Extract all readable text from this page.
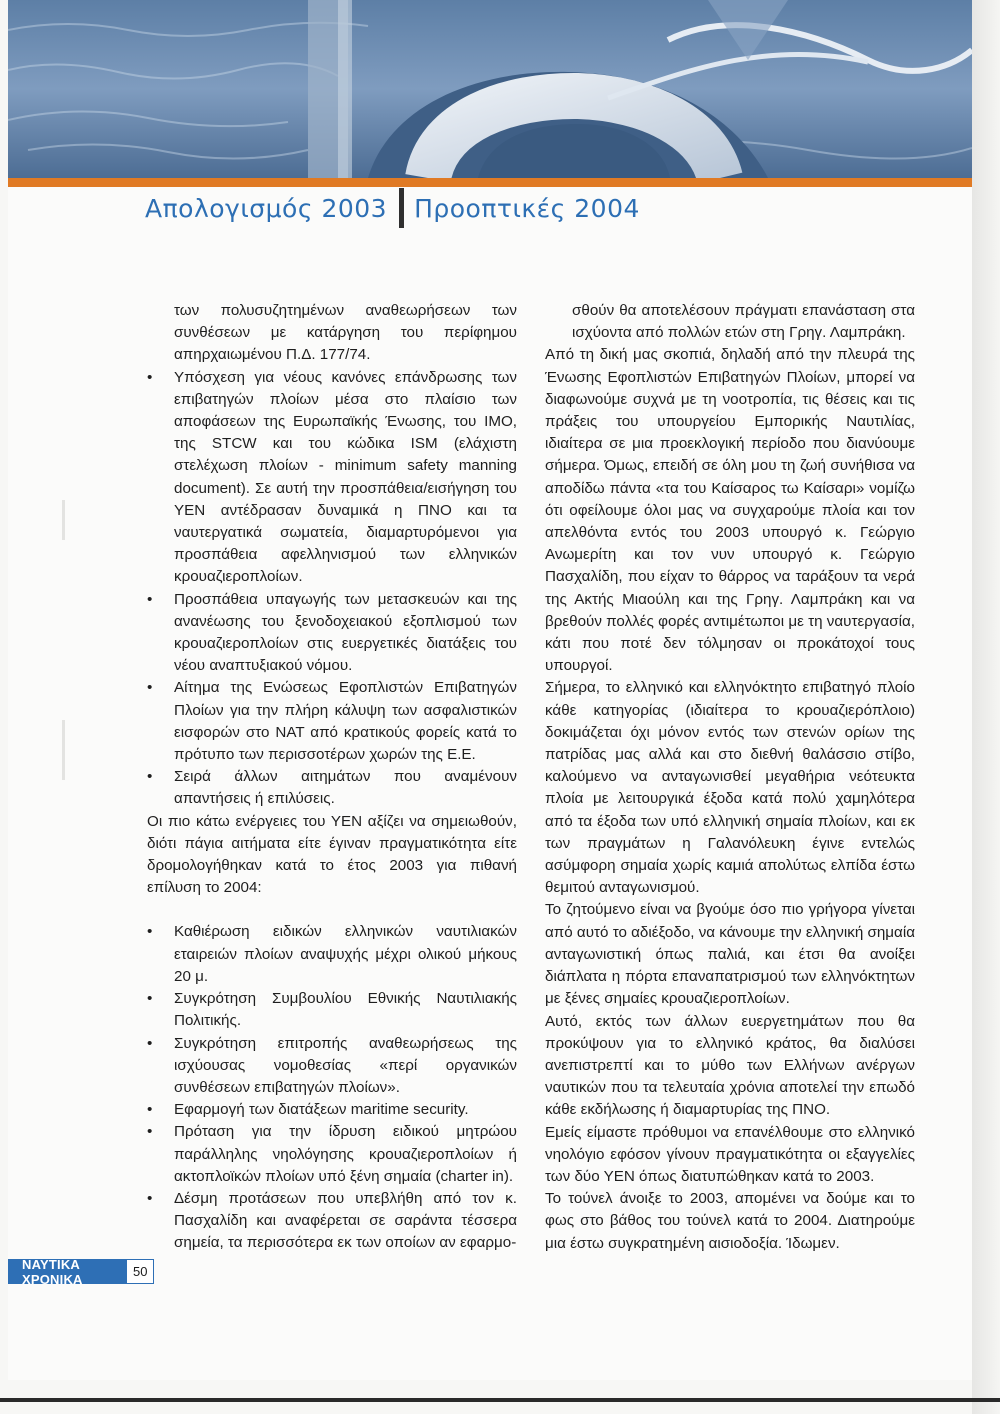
Απολογισμός 2003 Προοπτικές 2004

των πολυσυζητημένων αναθεωρήσεων των συνθέσεων με κατάργηση του περίφημου απηρχαιωμένου Π.Δ. 177/74.

• Υπόσχεση για νέους κανόνες επάνδρωσης των επιβατηγών πλοίων μέσα στο πλαίσιο των αποφάσεων της Ευρωπαϊκής Ένωσης, του ΙΜΟ, της STCW και του κώδικα ISM (ελάχιστη στελέχωση πλοίων - minimum safety manning document). Σε αυτή την προσπάθεια/εισήγηση του ΥΕΝ αντέδρασαν δυναμικά η ΠΝΟ και τα ναυτεργατικά σωματεία, διαμαρτυρόμενοι για προσπάθεια αφελληνισμού των ελληνικών κρουαζιεροπλοίων.
• Προσπάθεια υπαγωγής των μετασκευών και της ανανέωσης του ξενοδοχειακού εξοπλισμού των κρουαζιεροπλοίων στις ευεργετικές διατάξεις του νέου αναπτυξιακού νόμου.
• Αίτημα της Ενώσεως Εφοπλιστών Επιβατηγών Πλοίων για την πλήρη κάλυψη των ασφαλιστικών εισφορών στο ΝΑΤ από κρατικούς φορείς κατά το πρότυπο των περισσοτέρων χωρών της Ε.Ε.
• Σειρά άλλων αιτημάτων που αναμένουν απαντήσεις ή επιλύσεις.

Οι πιο κάτω ενέργειες του ΥΕΝ αξίζει να σημειωθούν, διότι πάγια αιτήματα είτε έγιναν πραγματικότητα είτε δρομολογήθηκαν κατά το έτος 2003 για πιθανή επίλυση το 2004:

• Καθιέρωση ειδικών ελληνικών ναυτιλιακών εταιρειών πλοίων αναψυχής μέχρι ολικού μήκους 20 μ.
• Συγκρότηση Συμβουλίου Εθνικής Ναυτιλιακής Πολιτικής.
• Συγκρότηση επιτροπής αναθεωρήσεως της ισχύουσας νομοθεσίας «περί οργανικών συνθέσεων επιβατηγών πλοίων».
• Εφαρμογή των διατάξεων maritime security.
• Πρόταση για την ίδρυση ειδικού μητρώου παράλληλης νηολόγησης κρουαζιεροπλοίων ή ακτοπλοϊκών πλοίων υπό ξένη σημαία (charter in).
• Δέσμη προτάσεων που υπεβλήθη από τον κ. Πασχαλίδη και αναφέρεται σε σαράντα τέσσερα σημεία, τα περισσότερα εκ των οποίων αν εφαρμο-

σθούν θα αποτελέσουν πράγματι επανάσταση στα ισχύοντα από πολλών ετών στη Γρηγ. Λαμπράκη.

Από τη δική μας σκοπιά, δηλαδή από την πλευρά της Ένωσης Εφοπλιστών Επιβατηγών Πλοίων, μπορεί να διαφωνούμε συχνά με τη νοοτροπία, τις θέσεις και τις πράξεις του υπουργείου Εμπορικής Ναυτιλίας, ιδιαίτερα σε μια προεκλογική περίοδο που διανύουμε σήμερα. Όμως, επειδή σε όλη μου τη ζωή συνήθισα να αποδίδω πάντα «τα του Καίσαρος τω Καίσαρι» νομίζω ότι οφείλουμε όλοι μας να συγχαρούμε πλοία και τον απελθόντα εντός του 2003 υπουργό κ. Γεώργιο Ανωμερίτη και τον νυν υπουργό κ. Γεώργιο Πασχαλίδη, που είχαν το θάρρος να ταράξουν τα νερά της Ακτής Μιαούλη και της Γρηγ. Λαμπράκη και να βρεθούν πολλές φορές αντιμέτωποι με τη ναυτεργασία, κάτι που ποτέ δεν τόλμησαν οι προκάτοχοί τους υπουργοί.

Σήμερα, το ελληνικό και ελληνόκτητο επιβατηγό πλοίο κάθε κατηγορίας (ιδιαίτερα το κρουαζιερόπλοιο) δοκιμάζεται όχι μόνον εντός των στενών ορίων της πατρίδας μας αλλά και στο διεθνή θαλάσσιο στίβο, καλούμενο να ανταγωνισθεί μεγαθήρια νεότευκτα πλοία με λειτουργικά έξοδα κατά πολύ χαμηλότερα από τα έξοδα των υπό ελληνική σημαία πλοίων, και εκ των πραγμάτων η Γαλανόλευκη έγινε εντελώς ασύμφορη σημαία χωρίς καμιά απολύτως ελπίδα έστω θεμιτού ανταγωνισμού.

Το ζητούμενο είναι να βγούμε όσο πιο γρήγορα γίνεται από αυτό το αδιέξοδο, να κάνουμε την ελληνική σημαία ανταγωνιστική όπως παλιά, και έτσι θα ανοίξει διάπλατα η πόρτα επαναπατρισμού των ελληνόκτητων με ξένες σημαίες κρουαζιεροπλοίων.

Αυτό, εκτός των άλλων ευεργετημάτων που θα προκύψουν για το ελληνικό κράτος, θα διαλύσει ανεπιστρεπτί και το μύθο των Ελλήνων ανέργων ναυτικών που τα τελευταία χρόνια αποτελεί την επωδό κάθε εκδήλωσης ή διαμαρτυρίας της ΠΝΟ.

Εμείς είμαστε πρόθυμοι να επανέλθουμε στο ελληνικό νηολόγιο εφόσον γίνουν πραγματικότητα οι εξαγγελίες των δύο ΥΕΝ όπως διατυπώθηκαν κατά το 2003.

Το τούνελ άνοιξε το 2003, απομένει να δούμε και το φως στο βάθος του τούνελ κατά το 2004. Διατηρούμε μια έστω συγκρατημένη αισιοδοξία. Ίδωμεν.

ΝΑΥΤΙΚΑ ΧΡΟΝΙΚΑ	50
